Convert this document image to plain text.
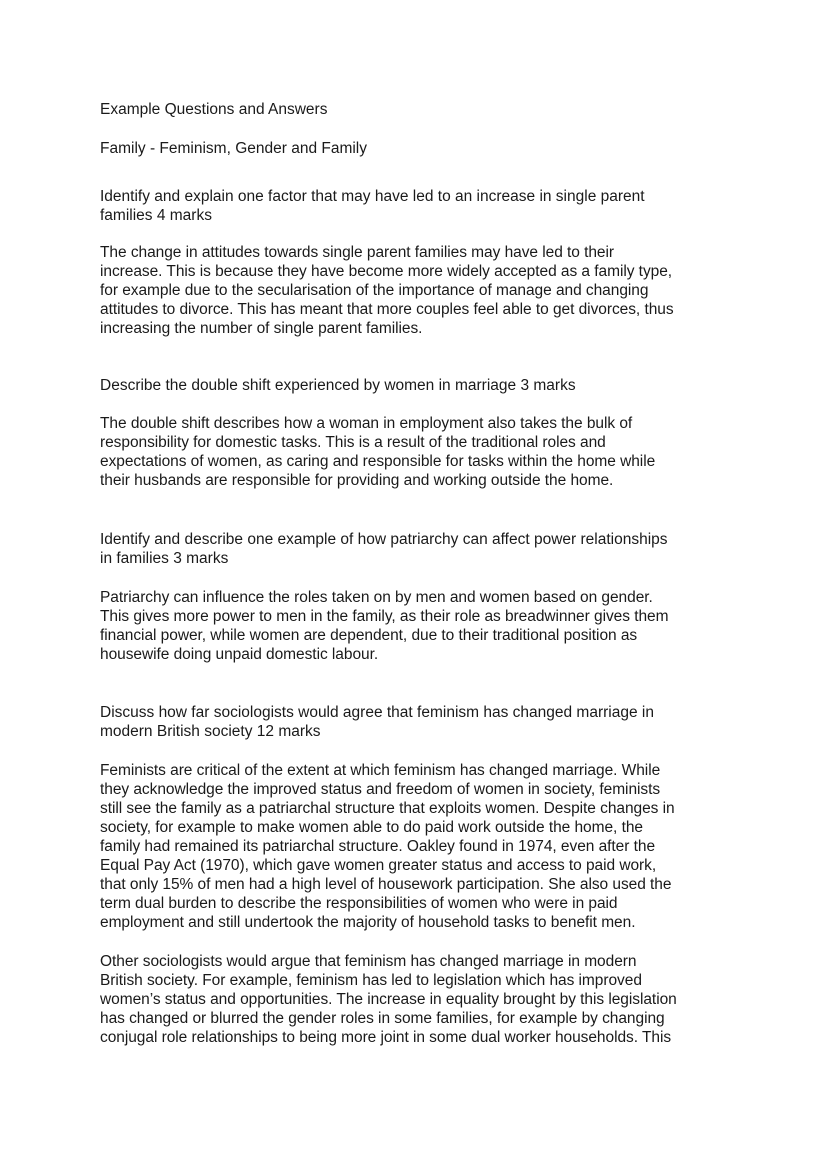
Example Questions and Answers
Family - Feminism, Gender and Family

Identify and explain one factor that may have led to an increase in single parent
families 4 marks

The change in attitudes towards single parent families may have led to their
increase. This is because they have become more widely accepted as a family type,
for example due to the secularisation of the importance of manage and changing
attitudes to divorce. This has meant that more couples feel able to get divorces, thus
increasing the number of single parent families.

Describe the double shift experienced by women in marriage 3 marks

The double shift describes how a woman in employment also takes the bulk of
responsibility for domestic tasks. This is a result of the traditional roles and
expectations of women, as caring and responsible for tasks within the home while
their husbands are responsible for providing and working outside the home.

Identify and describe one example of how patriarchy can affect power relationships
in families 3 marks

Patriarchy can influence the roles taken on by men and women based on gender.
This gives more power to men in the family, as their role as breadwinner gives them
financial power, while women are dependent, due to their traditional position as
housewife doing unpaid domestic labour.

Discuss how far sociologists would agree that feminism has changed marriage in
modern British society 12 marks

Feminists are critical of the extent at which feminism has changed marriage. While
they acknowledge the improved status and freedom of women in society, feminists
still see the family as a patriarchal structure that exploits women. Despite changes in
society, for example to make women able to do paid work outside the home, the
family had remained its patriarchal structure. Oakley found in 1974, even after the
Equal Pay Act (1970), which gave women greater status and access to paid work,
that only 15% of men had a high level of housework participation. She also used the
term dual burden to describe the responsibilities of women who were in paid
employment and still undertook the majority of household tasks to benefit men.

Other sociologists would argue that feminism has changed marriage in modern
British society. For example, feminism has led to legislation which has improved
women’s status and opportunities. The increase in equality brought by this legislation
has changed or blurred the gender roles in some families, for example by changing
conjugal role relationships to being more joint in some dual worker households. This
